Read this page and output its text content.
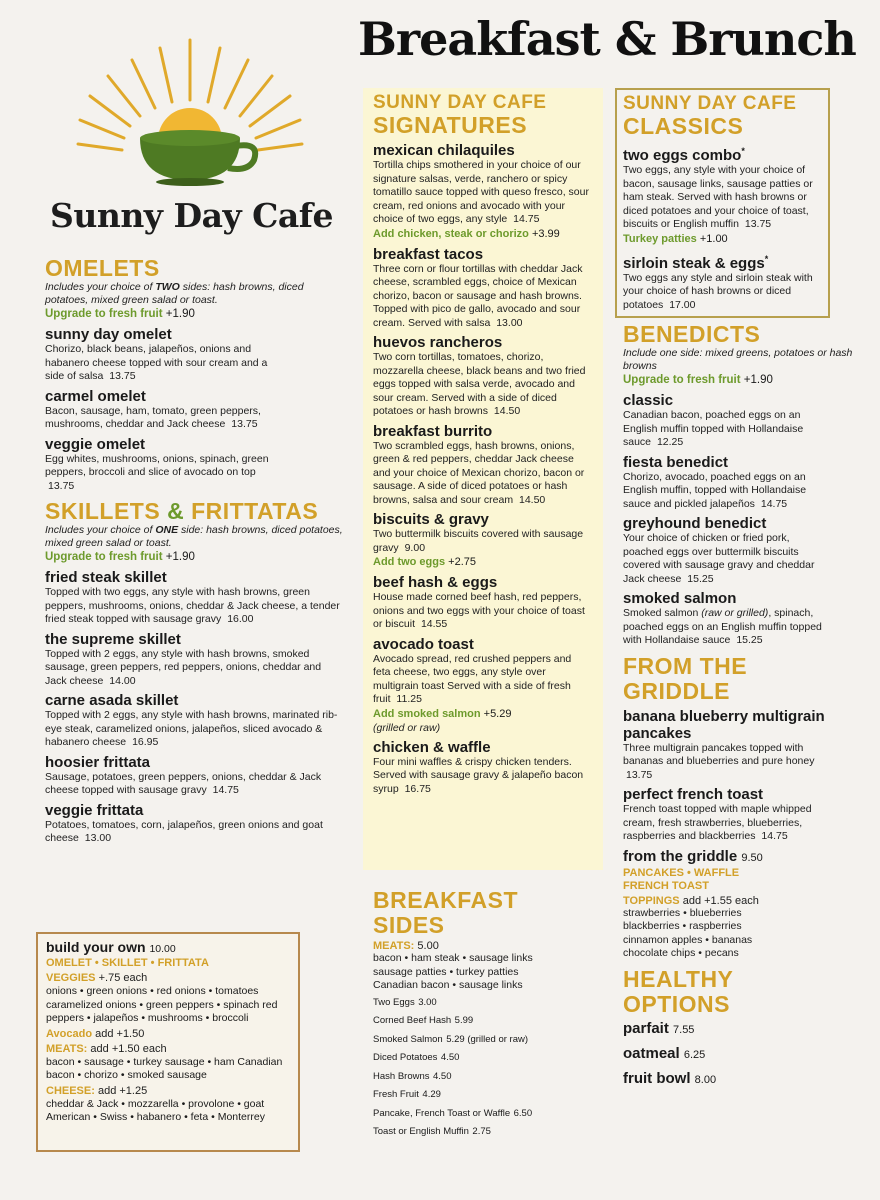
Breakfast & Brunch
Sunny Day Cafe
OMELETS
Includes your choice of TWO sides: hash browns, diced potatoes, mixed green salad or toast.
Upgrade to fresh fruit +1.90
sunny day omelet
Chorizo, black beans, jalapeños, onions and habanero cheese topped with sour cream and a side of salsa 13.75
carmel omelet
Bacon, sausage, ham, tomato, green peppers, mushrooms, cheddar and Jack cheese 13.75
veggie omelet
Egg whites, mushrooms, onions, spinach, green peppers, broccoli and slice of avocado on top 13.75
SKILLETS & FRITTATAS
Includes your choice of ONE side: hash browns, diced potatoes, mixed green salad or toast.
Upgrade to fresh fruit +1.90
fried steak skillet
Topped with two eggs, any style with hash browns, green peppers, mushrooms, onions, cheddar & Jack cheese, a tender fried steak topped with sausage gravy 16.00
the supreme skillet
Topped with 2 eggs, any style with hash browns, smoked sausage, green peppers, red peppers, onions, cheddar and Jack cheese 14.00
carne asada skillet
Topped with 2 eggs, any style with hash browns, marinated rib-eye steak, caramelized onions, jalapeños, sliced avocado & habanero cheese 16.95
hoosier frittata
Sausage, potatoes, green peppers, onions, cheddar & Jack cheese topped with sausage gravy 14.75
veggie frittata
Potatoes, tomatoes, corn, jalapeños, green onions and goat cheese 13.00
build your own 10.00
OMELET • SKILLET • FRITTATA
VEGGIES +.75 each
onions • green onions • red onions • tomatoes caramelized onions • green peppers • spinach red peppers • jalapeños • mushrooms • broccoli
Avocado add +1.50
MEATS: add +1.50 each
bacon • sausage • turkey sausage • ham Canadian bacon • chorizo • smoked sausage
CHEESE: add +1.25
cheddar & Jack • mozzarella • provolone • goat American • Swiss • habanero • feta • Monterrey
SUNNY DAY CAFE
SIGNATURES
mexican chilaquiles
Tortilla chips smothered in your choice of our signature salsas, verde, ranchero or spicy tomatillo sauce topped with queso fresco, sour cream, red onions and avocado with your choice of two eggs, any style 14.75
Add chicken, steak or chorizo +3.99
breakfast tacos
Three corn or flour tortillas with cheddar Jack cheese, scrambled eggs, choice of Mexican chorizo, bacon or sausage and hash browns. Topped with pico de gallo, avocado and sour cream. Served with salsa 13.00
huevos rancheros
Two corn tortillas, tomatoes, chorizo, mozzarella cheese, black beans and two fried eggs topped with salsa verde, avocado and sour cream. Served with a side of diced potatoes or hash browns 14.50
breakfast burrito
Two scrambled eggs, hash browns, onions, green & red peppers, cheddar Jack cheese and your choice of Mexican chorizo, bacon or sausage. A side of diced potatoes or hash browns, salsa and sour cream 14.50
biscuits & gravy
Two buttermilk biscuits covered with sausage gravy 9.00
Add two eggs +2.75
beef hash & eggs
House made corned beef hash, red peppers, onions and two eggs with your choice of toast or biscuit 14.55
avocado toast
Avocado spread, red crushed peppers and feta cheese, two eggs, any style over multigrain toast Served with a side of fresh fruit 11.25
Add smoked salmon +5.29
(grilled or raw)
chicken & waffle
Four mini waffles & crispy chicken tenders. Served with sausage gravy & jalapeño bacon syrup 16.75
BREAKFAST
SIDES
MEATS: 5.00
bacon • ham steak • sausage links sausage patties • turkey patties Canadian bacon • sausage links
Two Eggs 3.00
Corned Beef Hash 5.99
Smoked Salmon 5.29 (grilled or raw)
Diced Potatoes 4.50
Hash Browns 4.50
Fresh Fruit 4.29
Pancake, French Toast or Waffle 6.50
Toast or English Muffin 2.75
SUNNY DAY CAFE
CLASSICS
two eggs combo*
Two eggs, any style with your choice of bacon, sausage links, sausage patties or ham steak. Served with hash browns or diced potatoes and your choice of toast, biscuits or English muffin 13.75
Turkey patties +1.00
sirloin steak & eggs*
Two eggs any style and sirloin steak with your choice of hash browns or diced potatoes 17.00
BENEDICTS
Include one side: mixed greens, potatoes or hash browns
Upgrade to fresh fruit +1.90
classic
Canadian bacon, poached eggs on an English muffin topped with Hollandaise sauce 12.25
fiesta benedict
Chorizo, avocado, poached eggs on an English muffin, topped with Hollandaise sauce and pickled jalapeños 14.75
greyhound benedict
Your choice of chicken or fried pork, poached eggs over buttermilk biscuits covered with sausage gravy and cheddar Jack cheese 15.25
smoked salmon
Smoked salmon (raw or grilled), spinach, poached eggs on an English muffin topped with Hollandaise sauce 15.25
FROM THE
GRIDDLE
banana blueberry multigrain pancakes
Three multigrain pancakes topped with bananas and blueberries and pure honey 13.75
perfect french toast
French toast topped with maple whipped cream, fresh strawberries, blueberries, raspberries and blackberries 14.75
from the griddle 9.50
PANCAKES • WAFFLE
FRENCH TOAST
TOPPINGS add +1.55 each
strawberries • blueberries blackberries • raspberries cinnamon apples • bananas chocolate chips • pecans
HEALTHY
OPTIONS
parfait 7.55
oatmeal 6.25
fruit bowl 8.00
